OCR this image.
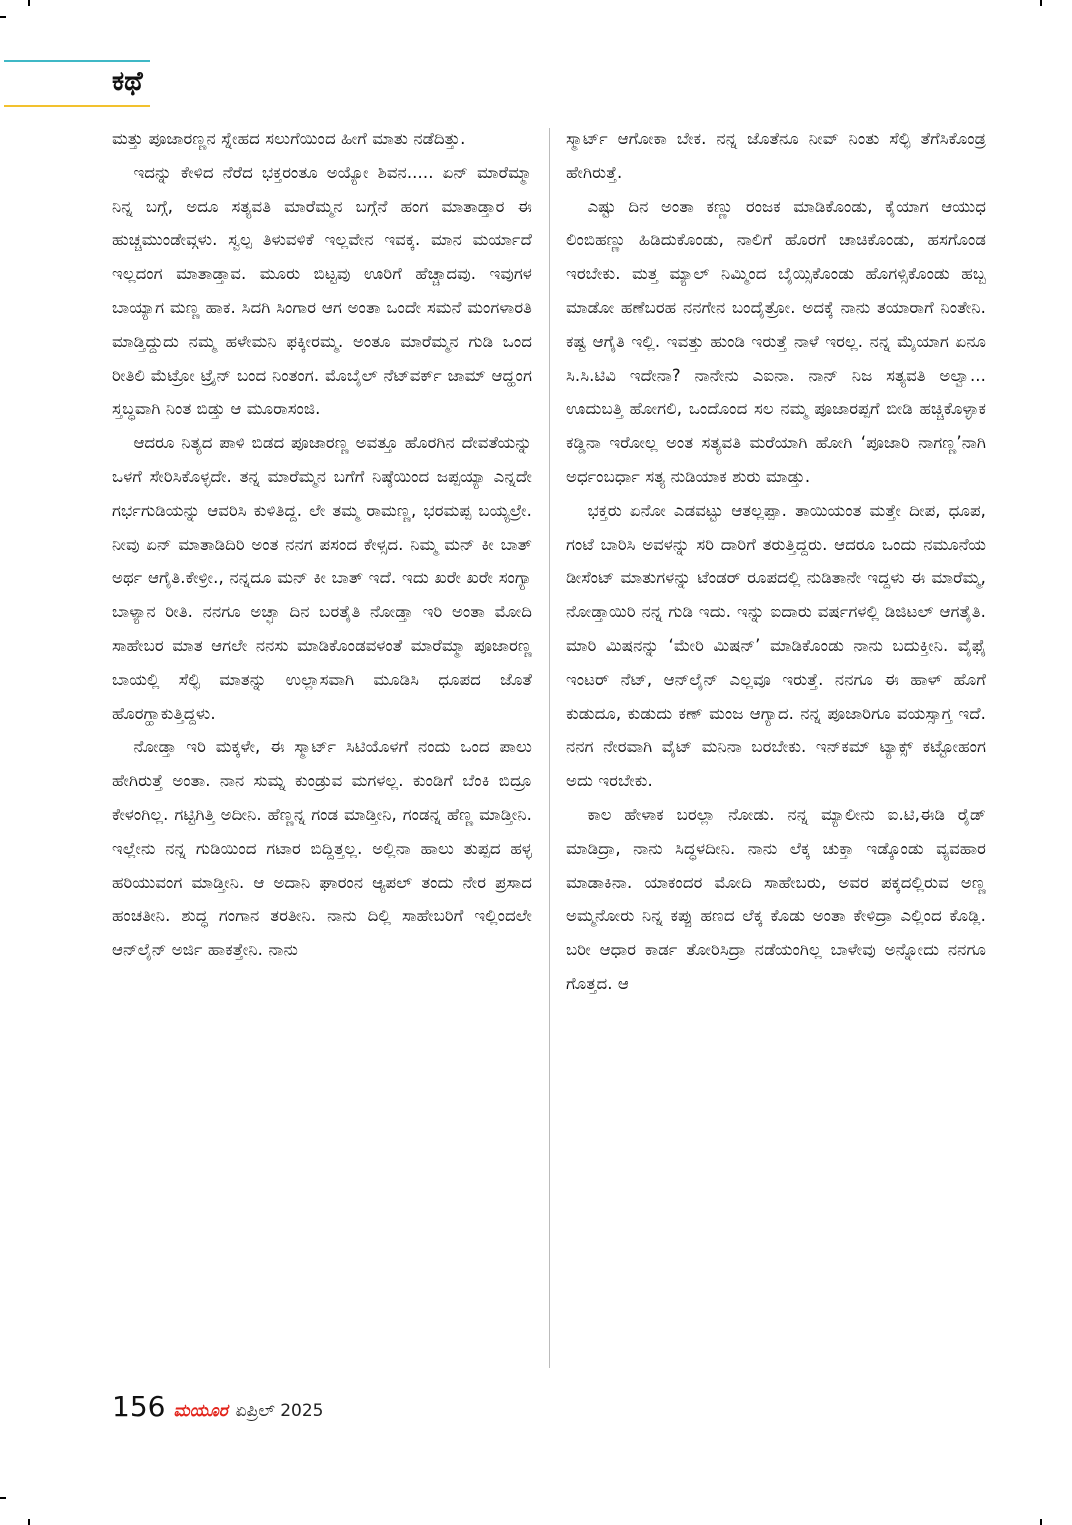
ಕಥೆ

ಮತ್ತು ಪೂಜಾರಣ್ಣನ ಸ್ನೇಹದ ಸಲುಗೆಯಿಂದ ಹೀಗೆ ಮಾತು ನಡೆದಿತ್ತು.

ಇದನ್ನು ಕೇಳಿದ ನೆರೆದ ಭಕ್ತರಂತೂ ಅಯ್ಯೋ ಶಿವನ..... ಏನ್ ಮಾರೆಮ್ಮಾ ನಿನ್ನ ಬಗ್ಗೆ, ಅದೂ ಸತ್ಯವತಿ ಮಾರೆಮ್ಮನ ಬಗ್ಗೆನೆ ಹಂಗ ಮಾತಾಡ್ತಾರ ಈ ಹುಚ್ಚಮುಂಡೇವ್ಗಳು. ಸ್ವಲ್ಪ ತಿಳುವಳಿಕೆ ಇಲ್ಲವೇನ ಇವಕ್ಕ. ಮಾನ ಮರ್ಯಾದೆ ಇಲ್ಲದಂಗ ಮಾತಾಡ್ತಾವ. ಮೂರು ಬಿಟ್ಟವು ಊರಿಗೆ ಹೆಚ್ಚಾದವು. ಇವುಗಳ ಬಾಯ್ಯಾಗ ಮಣ್ಣ ಹಾಕ. ಸಿದಗಿ ಸಿಂಗಾರ ಆಗ ಅಂತಾ ಒಂದೇ ಸಮನೆ ಮಂಗಳಾರತಿ ಮಾಡ್ತಿದ್ದುದು ನಮ್ಮ ಹಳೇಮನಿ ಫಕ್ಕೀರಮ್ಮ. ಅಂತೂ ಮಾರೆಮ್ಮನ ಗುಡಿ ಒಂದ ರೀತಿಲಿ ಮೆಟ್ರೋ ಟ್ರೈನ್ ಬಂದ ನಿಂತಂಗ. ಮೊಬೈಲ್ ನೆಟ್‌ವರ್ಕ್ ಜಾಮ್ ಆದ್ಹಂಗ ಸ್ತಬ್ಧವಾಗಿ ನಿಂತ ಬಿಡ್ತು ಆ ಮೂರಾಸಂಜಿ.

ಆದರೂ ನಿತ್ಯದ ಪಾಳಿ ಬಿಡದ ಪೂಜಾರಣ್ಣ ಅವತ್ತೂ ಹೊರಗಿನ ದೇವತೆಯನ್ನು ಒಳಗೆ ಸೇರಿಸಿಕೊಳ್ಳದೇ. ತನ್ನ ಮಾರೆಮ್ಮನ ಬಗೆಗೆ ನಿಷ್ಠೆಯಿಂದ ಜಪ್ಪಯ್ಯಾ ಎನ್ನದೇ ಗರ್ಭಗುಡಿಯನ್ನು ಆವರಿಸಿ ಕುಳಿತಿದ್ದ. ಲೇ ತಮ್ಮ ರಾಮಣ್ಣ, ಭರಮಪ್ಪ ಬಯ್ಯಲ್ರೇ. ನೀವು ಏನ್ ಮಾತಾಡಿದಿರಿ ಅಂತ ನನಗ ಪಸಂದ ಕೇಳ್ಸದ. ನಿಮ್ಮ ಮನ್ ಕೀ ಬಾತ್ ಅರ್ಥ ಆಗೈತಿ.ಕೇಳ್ರೀ., ನನ್ನದೂ ಮನ್ ಕೀ ಬಾತ್ ಇದೆ. ಇದು ಖರೇ ಖರೇ ಸಂಗ್ಯಾ ಬಾಳ್ಯಾನ ರೀತಿ. ನನಗೂ ಅಚ್ಛಾ ದಿನ ಬರತೈತಿ ನೋಡ್ತಾ ಇರಿ ಅಂತಾ ಮೋದಿ ಸಾಹೇಬರ ಮಾತ ಆಗಲೇ ನನಸು ಮಾಡಿಕೊಂಡವಳಂತೆ ಮಾರೆಮ್ಮಾ ಪೂಜಾರಣ್ಣ ಬಾಯಲ್ಲಿ ಸೆಲ್ಫಿ ಮಾತನ್ನು ಉಲ್ಲಾಸವಾಗಿ ಮೂಡಿಸಿ ಧೂಪದ ಜೊತೆ ಹೊರಗ್ಹಾಕುತ್ತಿದ್ದಳು.

ನೋಡ್ತಾ ಇರಿ ಮಕ್ಕಳೇ, ಈ ಸ್ಮಾರ್ಟ್ ಸಿಟಿಯೊಳಗೆ ನಂದು ಒಂದ ಪಾಲು ಹೇಗಿರುತ್ತೆ ಅಂತಾ. ನಾನ ಸುಮ್ನ ಕುಂಡ್ರುವ ಮಗಳಲ್ಲ. ಕುಂಡಿಗೆ ಬೆಂಕಿ ಬಿದ್ರೂ ಕೇಳಂಗಿಲ್ಲ. ಗಟ್ಟಿಗಿತ್ತಿ ಅದೀನಿ. ಹೆಣ್ಣನ್ನ ಗಂಡ ಮಾಡ್ತೀನಿ, ಗಂಡನ್ನ ಹೆಣ್ಣ ಮಾಡ್ತೀನಿ. ಇಲ್ಲೇನು ನನ್ನ ಗುಡಿಯಿಂದ ಗಟಾರ ಬಿದ್ದಿತ್ತಲ್ಲ. ಅಲ್ಲಿನಾ ಹಾಲು ತುಪ್ಪದ ಹಳ್ಳ ಹರಿಯುವಂಗ ಮಾಡ್ತೀನಿ. ಆ ಅದಾನಿ ಘಾರಂನ ಆ್ಯಪಲ್ ತಂದು ನೇರ ಪ್ರಸಾದ ಹಂಚತೀನಿ. ಶುದ್ಧ ಗಂಗಾನ ತರತೀನಿ. ನಾನು ದಿಲ್ಲಿ ಸಾಹೇಬರಿಗೆ ಇಲ್ಲಿಂದಲೇ ಆನ್‌ಲೈನ್ ಅರ್ಜಿ ಹಾಕತ್ತೇನಿ. ನಾನು

ಸ್ಮಾರ್ಟ್ ಆಗೋಕಾ ಬೇಕ. ನನ್ನ ಜೊತೆನೂ ನೀವ್ ನಿಂತು ಸೆಲ್ಫಿ ತೆಗೆಸಿಕೊಂಡ್ರ ಹೇಗಿರುತ್ತೆ.

ಎಷ್ಟು ದಿನ ಅಂತಾ ಕಣ್ಣು ರಂಜಕ ಮಾಡಿಕೊಂಡು, ಕೈಯಾಗ ಆಯುಧ ಲಿಂಬಿಹಣ್ಣು ಹಿಡಿದುಕೊಂಡು, ನಾಲಿಗೆ ಹೊರಗೆ ಚಾಚಿಕೊಂಡು, ಹಸಗೊಂಡ ಇರಬೇಕು. ಮತ್ತ ಮ್ಯಾಲ್ ನಿಮ್ಮಿಂದ ಬೈಯ್ಸಿಕೊಂಡು ಹೊಗಳ್ಸಿಕೊಂಡು ಹಬ್ಬ ಮಾಡೋ ಹಣೆಬರಹ ನನಗೇನ ಬಂದೈತ್ರೋ. ಅದಕ್ಕೆ ನಾನು ತಯಾರಾಗೆ ನಿಂತೇನಿ. ಕಷ್ಟ ಆಗೈತಿ ಇಲ್ಲಿ. ಇವತ್ತು ಹುಂಡಿ ಇರುತ್ತೆ ನಾಳೆ ಇರಲ್ಲ. ನನ್ನ ಮೈಯಾಗ ಏನೂ ಸಿ.ಸಿ.ಟಿವಿ ಇದೇನಾ? ನಾನೇನು ಎಐನಾ. ನಾನ್ ನಿಜ ಸತ್ಯವತಿ ಅಲ್ವಾ... ಊದುಬತ್ತಿ ಹೋಗಲಿ, ಒಂದೊಂದ ಸಲ ನಮ್ಮ ಪೂಜಾರಪ್ಪಗೆ ಬೀಡಿ ಹಚ್ಚಿಕೊಳ್ಳಾಕ ಕಡ್ಡಿನಾ ಇರೋಲ್ಲ ಅಂತ ಸತ್ಯವತಿ ಮರೆಯಾಗಿ ಹೋಗಿ ‘ಪೂಜಾರಿ ನಾಗಣ್ಣ’ನಾಗಿ ಅರ್ಧಂಬರ್ಧಾ ಸತ್ಯ ನುಡಿಯಾಕ ಶುರು ಮಾಡ್ತು.

ಭಕ್ತರು ಏನೋ ಎಡವಟ್ಟು ಆತಲ್ಲಪ್ಪಾ. ತಾಯಿಯಂತ ಮತ್ತೇ ದೀಪ, ಧೂಪ, ಗಂಟೆ ಬಾರಿಸಿ ಅವಳನ್ನು ಸರಿ ದಾರಿಗೆ ತರುತ್ತಿದ್ದರು. ಆದರೂ ಒಂದು ನಮೂನೆಯ ಡೀಸೆಂಟ್ ಮಾತುಗಳನ್ನು ಟೆಂಡರ್ ರೂಪದಲ್ಲಿ ನುಡಿತಾನೇ ಇದ್ದಳು ಈ ಮಾರೆಮ್ಮ, ನೋಡ್ತಾಯಿರಿ ನನ್ನ ಗುಡಿ ಇದು. ಇನ್ನು ಐದಾರು ವರ್ಷಗಳಲ್ಲಿ ಡಿಜಿಟಲ್ ಆಗತೈತಿ. ಮಾರಿ ಮಿಷನನ್ನು ‘ಮೇರಿ ಮಿಷನ್’ ಮಾಡಿಕೊಂಡು ನಾನು ಬದುಕ್ತೀನಿ. ವೈಫೈ ಇಂಟರ್ ನೆಟ್, ಆನ್‌ಲೈನ್ ಎಲ್ಲವೂ ಇರುತ್ತೆ. ನನಗೂ ಈ ಹಾಳ್ ಹೊಗೆ ಕುಡುದೂ, ಕುಡುದು ಕಣ್ ಮಂಜ ಆಗ್ಯಾದ. ನನ್ನ ಪೂಜಾರಿಗೂ ವಯಸ್ಸಾಗ್ತ ಇದೆ. ನನಗ ನೇರವಾಗಿ ವೈಟ್ ಮನಿನಾ ಬರಬೇಕು. ಇನ್‌ಕಮ್ ಟ್ಯಾಕ್ಸ್ ಕಟ್ಟೋಹಂಗ ಅದು ಇರಬೇಕು.

ಕಾಲ ಹೇಳಾಕ ಬರಲ್ಲಾ ನೋಡು. ನನ್ನ ಮ್ಯಾಲೀನು ಐ.ಟಿ,ಈಡಿ ರೈಡ್ ಮಾಡಿದ್ರಾ, ನಾನು ಸಿದ್ಧಳದೀನಿ. ನಾನು ಲೆಕ್ಕ ಚುಕ್ತಾ ಇಡ್ಕೊಂಡು ವ್ಯವಹಾರ ಮಾಡಾಕಿನಾ. ಯಾಕಂದರ ಮೋದಿ ಸಾಹೇಬರು, ಅವರ ಪಕ್ಕದಲ್ಲಿರುವ ಅಣ್ಣ ಅಮ್ಮನೋರು ನಿನ್ನ ಕಪ್ಪು ಹಣದ ಲೆಕ್ಕ ಕೊಡು ಅಂತಾ ಕೇಳಿದ್ರಾ ಎಲ್ಲಿಂದ ಕೊಡ್ಲಿ. ಬರೀ ಆಧಾರ ಕಾರ್ಡ ತೋರಿಸಿದ್ರಾ ನಡೆಯಂಗಿಲ್ಲ ಬಾಳೇವು ಅನ್ನೋದು ನನಗೂ ಗೊತ್ತದ. ಆ

156 ಮಯೂರ ಏಪ್ರಿಲ್ 2025
